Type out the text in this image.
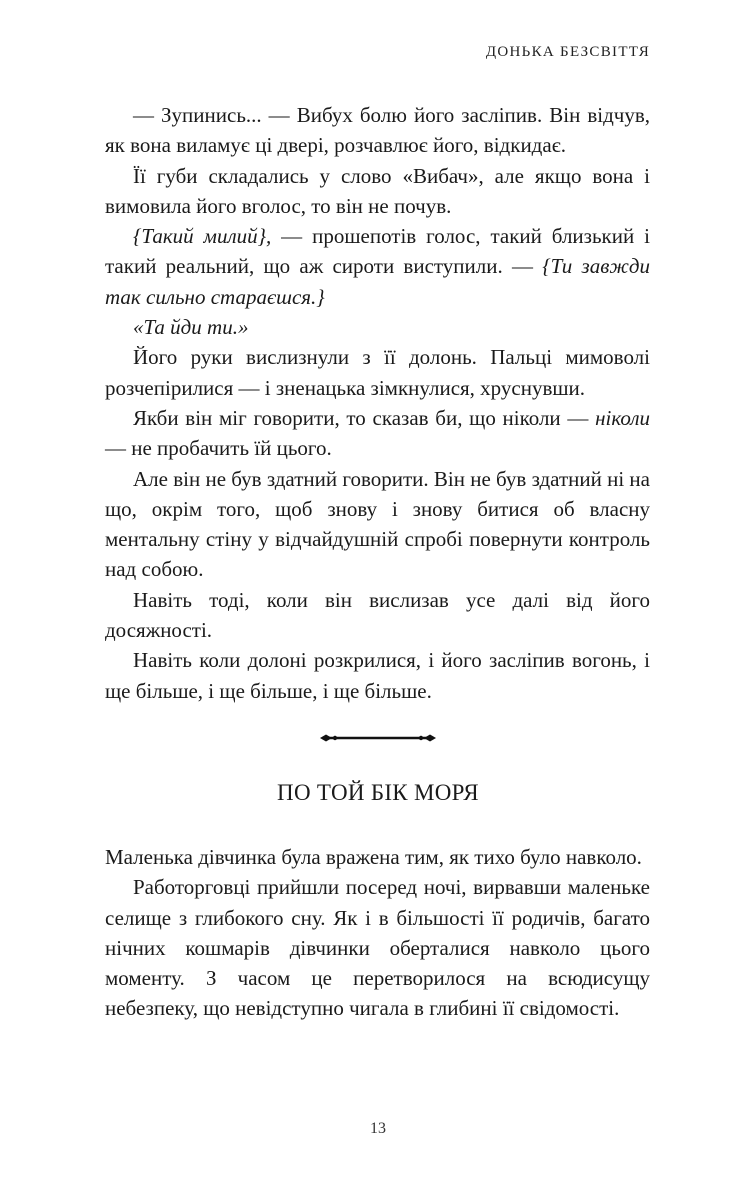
ДОНЬКА БЕЗСВІТТЯ

— Зупинись... — Вибух болю його засліпив. Він відчув, як вона виламує ці двері, розчавлює його, відкидає.

Її губи складались у слово «Вибач», але якщо вона і вимовила його вголос, то він не почув.

{Такий милий}, — прошепотів голос, такий близький і такий реальний, що аж сироти виступили. — {Ти завжди так сильно стараєшся.}

«Та йди ти.»

Його руки вислизнули з її долонь. Пальці мимоволі розчепірилися — і зненацька зімкнулися, хруснувши.

Якби він міг говорити, то сказав би, що ніколи — ніколи — не пробачить їй цього.

Але він не був здатний говорити. Він не був здатний ні на що, окрім того, щоб знову і знову битися об власну ментальну стіну у відчайдушній спробі повернути контроль над собою.

Навіть тоді, коли він вислизав усе далі від його досяжності.

Навіть коли долоні розкрилися, і його засліпив вогонь, і ще більше, і ще більше, і ще більше.

ПО ТОЙ БІК МОРЯ

Маленька дівчинка була вражена тим, як тихо було навколо.

Работорговці прийшли посеред ночі, вирвавши маленьке селище з глибокого сну. Як і в більшості її родичів, багато нічних кошмарів дівчинки оберталися навколо цього моменту. З часом це перетворилося на всюдисущу небезпеку, що невідступно чигала в глибині її свідомості.

13
